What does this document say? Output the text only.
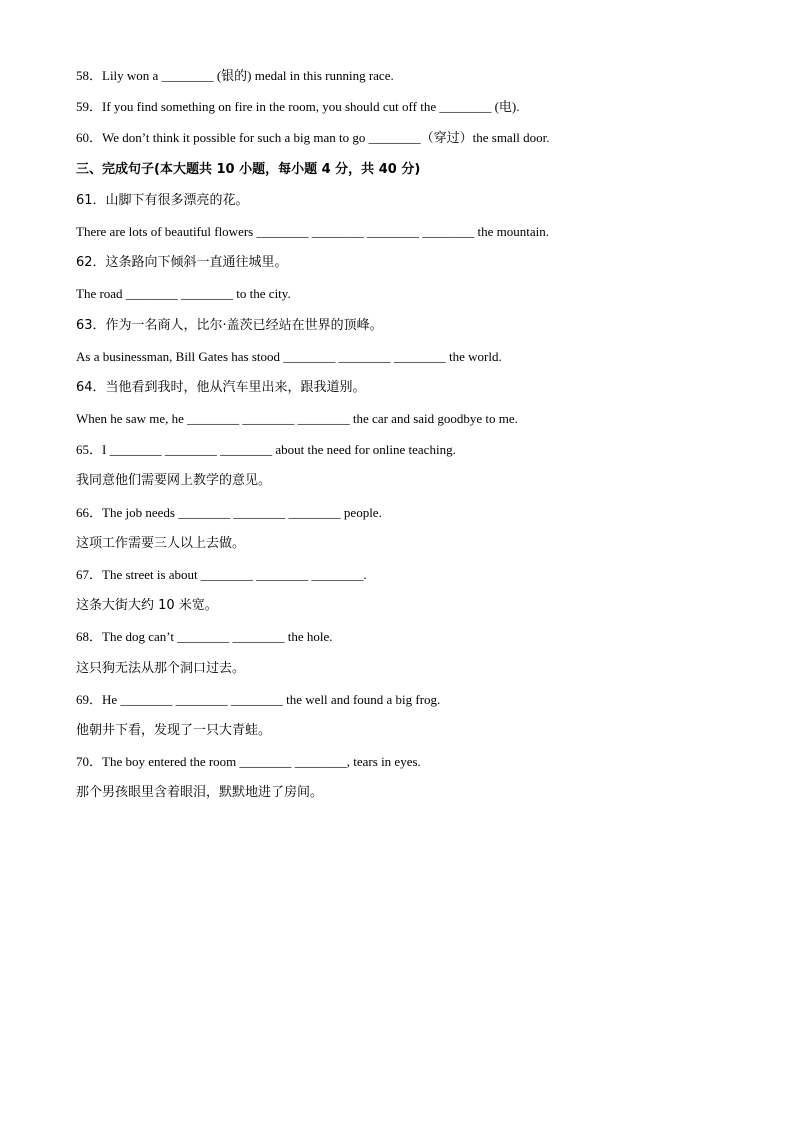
58．Lily won a ________ (银的) medal in this running race.
59．If you find something on fire in the room, you should cut off the ________ (电).
60．We don’t think it possible for such a big man to go ________（穿过）the small door.
三、完成句子(本大题共 10 小题，每小题 4 分，共 40 分)
61．山脚下有很多漂亮的花。
There are lots of beautiful flowers ________ ________ ________ ________ the mountain.
62．这条路向下倾斜一直通往城里。
The road ________ ________ to the city.
63．作为一名商人，比尔·盖茨已经站在世界的顶峰。
As a businessman, Bill Gates has stood ________ ________ ________ the world.
64．当他看到我时，他从汽车里出来，跟我道别。
When he saw me, he ________ ________ ________ the car and said goodbye to me.
65．I ________ ________ ________ about the need for online teaching.
我同意他们需要网上教学的意见。
66．The job needs ________ ________ ________ people.
这项工作需要三人以上去做。
67．The street is about ________ ________ ________.
这条大街大约 10 米宽。
68．The dog can’t ________ ________ the hole.
这只狗无法从那个洞口过去。
69．He ________ ________ ________ the well and found a big frog.
他朝井下看，发现了一只大青蛙。
70．The boy entered the room ________ ________, tears in eyes.
那个男孩眼里含着眼泪，默默地进了房间。
